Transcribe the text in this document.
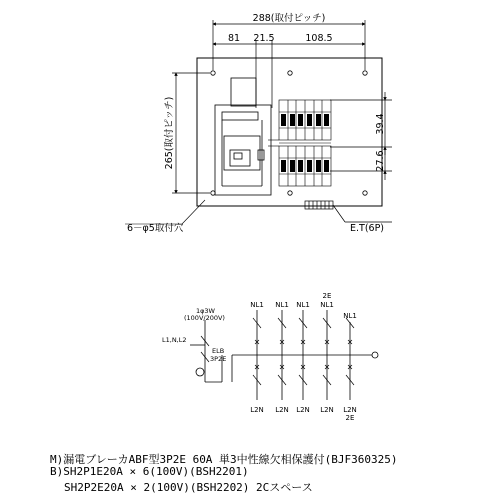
288(取付ピッチ)
81 21.5	108.5
265(取付ピッチ)	39.4
27.6
E.T(6P)
6－φ5取付穴
1φ3W
(100V/200V)
L1,N,L2
ELB
3P2E
NL1 NL1 NL1 NL1
2E
NL1
L2N L2N L2N L2N L2N
2E
M)漏電ブレーカABF型3P2E 60A 単3中性線欠相保護付(BJF360325)
B)SH2P1E20A × 6(100V)(BSH2201)
SH2P2E20A × 2(100V)(BSH2202) 2Cスペース
